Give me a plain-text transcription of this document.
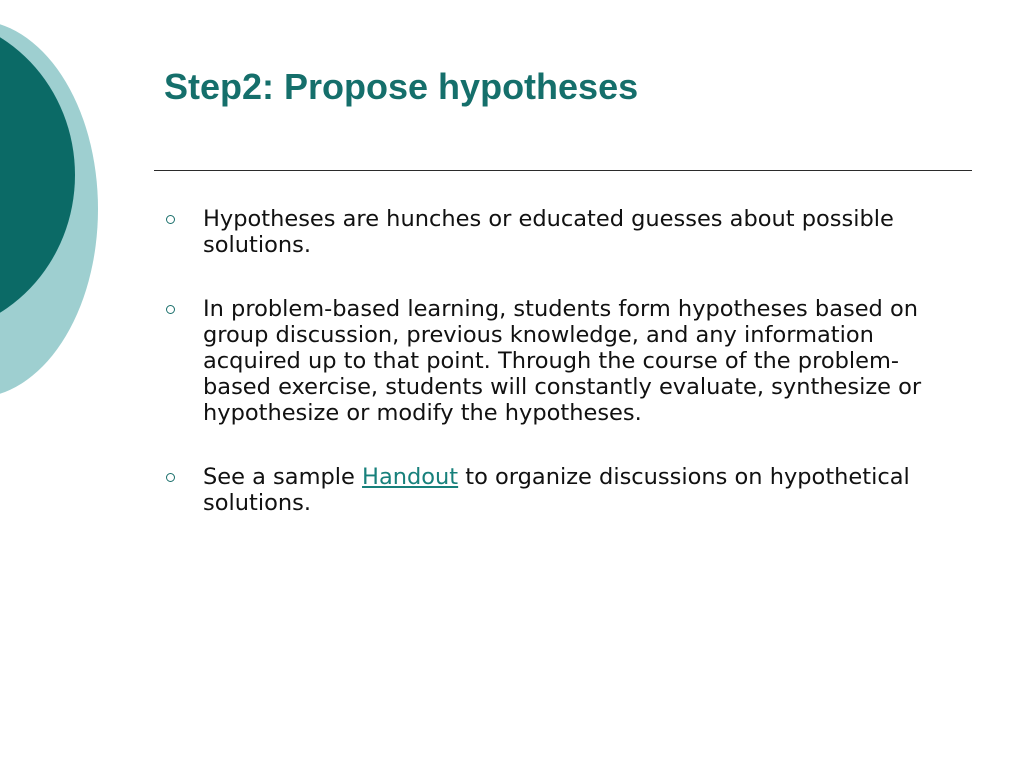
Step2: Propose hypotheses
Hypotheses are hunches or educated guesses about possible solutions.
In problem-based learning, students form hypotheses based on group discussion, previous knowledge, and any information acquired up to that point. Through the course of the problem-based exercise, students will constantly evaluate, synthesize or hypothesize or modify the hypotheses.
See a sample Handout to organize discussions on hypothetical solutions.
